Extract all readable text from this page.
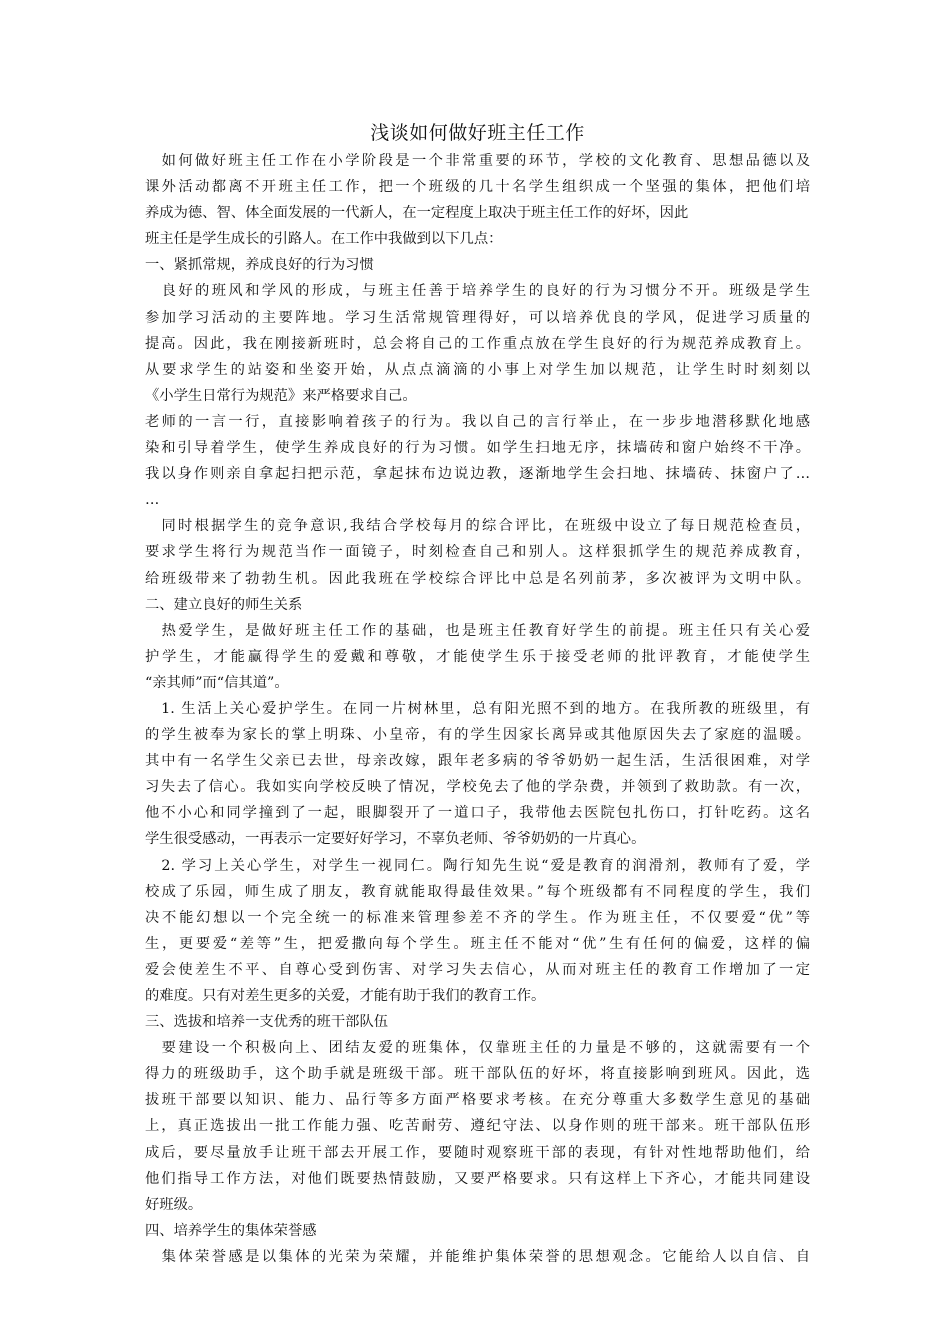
浅谈如何做好班主任工作
　如何做好班主任工作在小学阶段是一个非常重要的环节，学校的文化教育、思想品德以及
课外活动都离不开班主任工作，把一个班级的几十名学生组织成一个坚强的集体，把他们培
养成为德、智、体全面发展的一代新人，在一定程度上取决于班主任工作的好坏，因此
班主任是学生成长的引路人。在工作中我做到以下几点：
一、紧抓常规，养成良好的行为习惯
　良好的班风和学风的形成，与班主任善于培养学生的良好的行为习惯分不开。班级是学生
参加学习活动的主要阵地。学习生活常规管理得好，可以培养优良的学风，促进学习质量的
提高。因此，我在刚接新班时，总会将自己的工作重点放在学生良好的行为规范养成教育上。
从要求学生的站姿和坐姿开始，从点点滴滴的小事上对学生加以规范，让学生时时刻刻以
《小学生日常行为规范》来严格要求自己。
老师的一言一行，直接影响着孩子的行为。我以自己的言行举止，在一步步地潜移默化地感
染和引导着学生，使学生养成良好的行为习惯。如学生扫地无序，抹墙砖和窗户始终不干净。
我以身作则亲自拿起扫把示范，拿起抹布边说边教，逐渐地学生会扫地、抹墙砖、抹窗户了…
…
　同时根据学生的竞争意识,我结合学校每月的综合评比，在班级中设立了每日规范检查员，
要求学生将行为规范当作一面镜子，时刻检查自己和别人。这样狠抓学生的规范养成教育，
给班级带来了勃勃生机。因此我班在学校综合评比中总是名列前茅，多次被评为文明中队。
二、建立良好的师生关系
　热爱学生，是做好班主任工作的基础，也是班主任教育好学生的前提。班主任只有关心爱
护学生，才能赢得学生的爱戴和尊敬，才能使学生乐于接受老师的批评教育，才能使学生
“亲其师”而“信其道”。
　1. 生活上关心爱护学生。在同一片树林里，总有阳光照不到的地方。在我所教的班级里，有
的学生被奉为家长的掌上明珠、小皇帝，有的学生因家长离异或其他原因失去了家庭的温暖。
其中有一名学生父亲已去世，母亲改嫁，跟年老多病的爷爷奶奶一起生活，生活很困难，对学
习失去了信心。我如实向学校反映了情况，学校免去了他的学杂费，并领到了救助款。有一次，
他不小心和同学撞到了一起，眼脚裂开了一道口子，我带他去医院包扎伤口，打针吃药。这名
学生很受感动，一再表示一定要好好学习，不辜负老师、爷爷奶奶的一片真心。
　2. 学习上关心学生，对学生一视同仁。陶行知先生说“爱是教育的润滑剂，教师有了爱，学
校成了乐园，师生成了朋友，教育就能取得最佳效果。”每个班级都有不同程度的学生，我们
决不能幻想以一个完全统一的标准来管理参差不齐的学生。作为班主任，不仅要爱“优”等
生，更要爱“差等”生，把爱撒向每个学生。班主任不能对“优”生有任何的偏爱，这样的偏
爱会使差生不平、自尊心受到伤害、对学习失去信心，从而对班主任的教育工作增加了一定
的难度。只有对差生更多的关爱，才能有助于我们的教育工作。
三、选拔和培养一支优秀的班干部队伍
　要建设一个积极向上、团结友爱的班集体，仅靠班主任的力量是不够的，这就需要有一个
得力的班级助手，这个助手就是班级干部。班干部队伍的好坏，将直接影响到班风。因此，选
拔班干部要以知识、能力、品行等多方面严格要求考核。在充分尊重大多数学生意见的基础
上，真正选拔出一批工作能力强、吃苦耐劳、遵纪守法、以身作则的班干部来。班干部队伍形
成后，要尽量放手让班干部去开展工作，要随时观察班干部的表现，有针对性地帮助他们，给
他们指导工作方法，对他们既要热情鼓励，又要严格要求。只有这样上下齐心，才能共同建设
好班级。
四、培养学生的集体荣誉感
　集体荣誉感是以集体的光荣为荣耀，并能维护集体荣誉的思想观念。它能给人以自信、自
